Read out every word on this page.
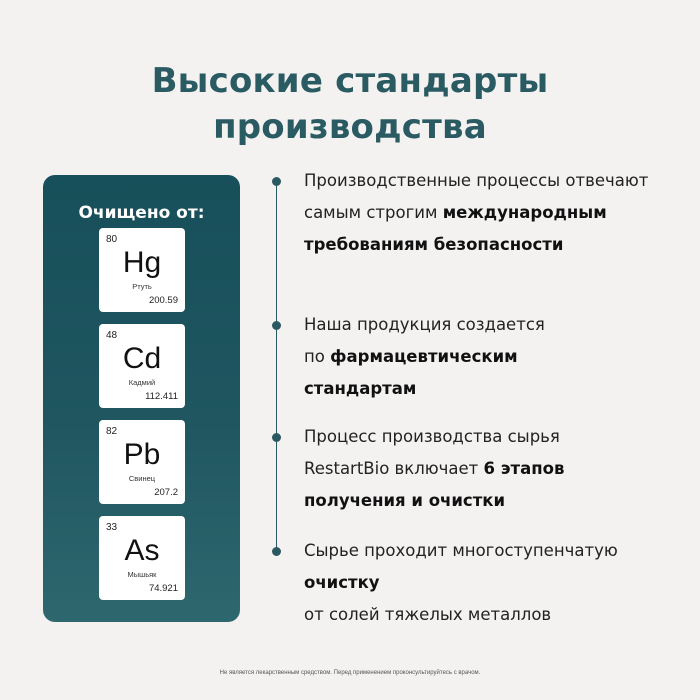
Высокие стандарты
производства
Очищено от:
80
Hg
Ртуть
200.59
48
Cd
Кадмий
112.411
82
Pb
Свинец
207.2
33
As
Мышьяк
74.921
Производственные процессы отвечают
самым строгим международным
требованиям безопасности
Наша продукция создается
по фармацевтическим
стандартам
Процесс производства сырья
RestartBio включает 6 этапов
получения и очистки
Сырье проходит многоступенчатую
очистку
от солей тяжелых металлов
Не является лекарственным средством. Перед применением проконсультируйтесь с врачом.
